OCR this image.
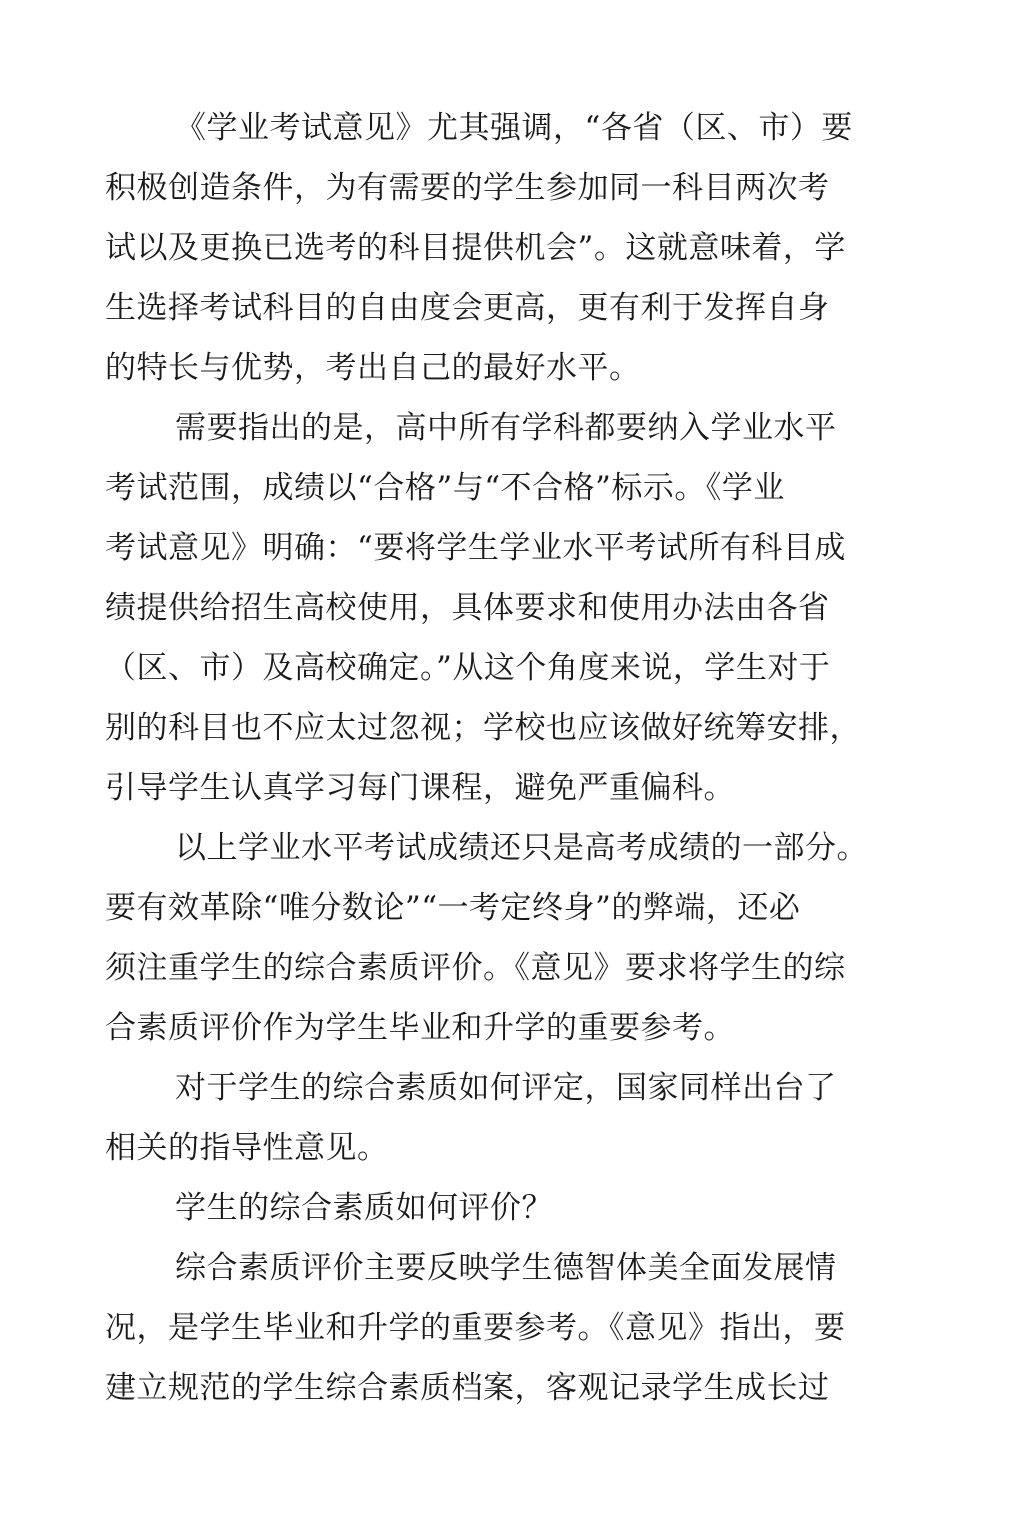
《学业考试意见》尤其强调，“各省（区、市）要
积极创造条件，为有需要的学生参加同一科目两次考
试以及更换已选考的科目提供机会”。这就意味着，学
生选择考试科目的自由度会更高，更有利于发挥自身
的特长与优势，考出自己的最好水平。
需要指出的是，高中所有学科都要纳入学业水平
考试范围，成绩以“合格”与“不合格”标示。《学业
考试意见》明确：“要将学生学业水平考试所有科目成
绩提供给招生高校使用，具体要求和使用办法由各省
（区、市）及高校确定。”从这个角度来说，学生对于
别的科目也不应太过忽视；学校也应该做好统筹安排，
引导学生认真学习每门课程，避免严重偏科。
以上学业水平考试成绩还只是高考成绩的一部分。
要有效革除“唯分数论”“一考定终身”的弊端，还必
须注重学生的综合素质评价。《意见》要求将学生的综
合素质评价作为学生毕业和升学的重要参考。
对于学生的综合素质如何评定，国家同样出台了
相关的指导性意见。
学生的综合素质如何评价？
综合素质评价主要反映学生德智体美全面发展情
况，是学生毕业和升学的重要参考。《意见》指出，要
建立规范的学生综合素质档案，客观记录学生成长过
